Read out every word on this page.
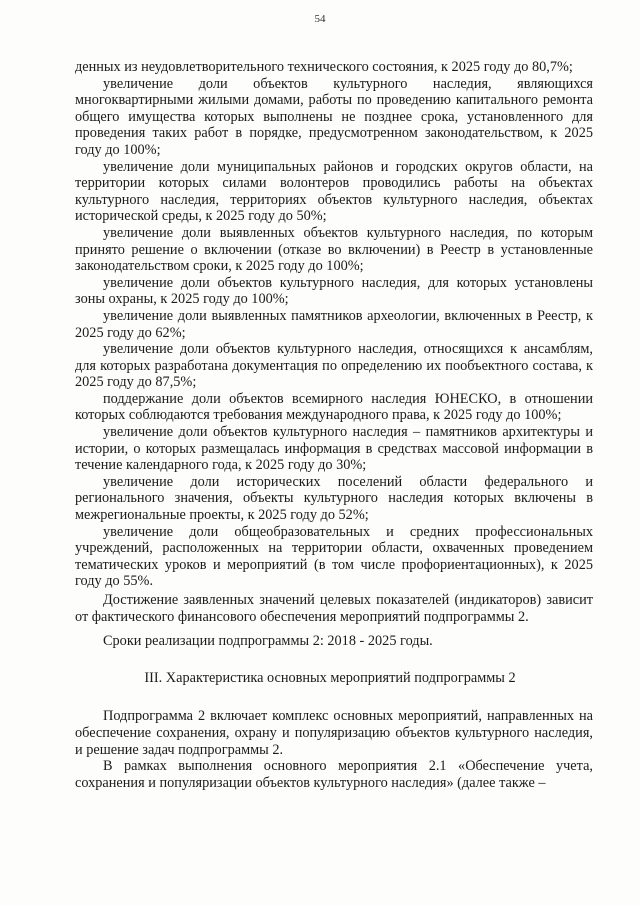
54

денных из неудовлетворительного технического состояния, к 2025 году до 80,7%;

увеличение доли объектов культурного наследия, являющихся многоквартирными жилыми домами, работы по проведению капитального ремонта общего имущества которых выполнены не позднее срока, установленного для проведения таких работ в порядке, предусмотренном законодательством, к 2025 году до 100%;

увеличение доли муниципальных районов и городских округов области, на территории которых силами волонтеров проводились работы на объектах культурного наследия, территориях объектов культурного наследия, объектах исторической среды, к 2025 году до 50%;

увеличение доли выявленных объектов культурного наследия, по которым принято решение о включении (отказе во включении) в Реестр в установленные законодательством сроки, к 2025 году до 100%;

увеличение доли объектов культурного наследия, для которых установлены зоны охраны, к 2025 году до 100%;

увеличение доли выявленных памятников археологии, включенных в Реестр, к 2025 году до 62%;

увеличение доли объектов культурного наследия, относящихся к ансамблям, для которых разработана документация по определению их пообъектного состава, к 2025 году до 87,5%;

поддержание доли объектов всемирного наследия ЮНЕСКО, в отношении которых соблюдаются требования международного права, к 2025 году до 100%;

увеличение доли объектов культурного наследия – памятников архитектуры и истории, о которых размещалась информация в средствах массовой информации в течение календарного года, к 2025 году до 30%;

увеличение доли исторических поселений области федерального и регионального значения, объекты культурного наследия которых включены в межрегиональные проекты, к 2025 году до 52%;

увеличение доли общеобразовательных и средних профессиональных учреждений, расположенных на территории области, охваченных проведением тематических уроков и мероприятий (в том числе профориентационных), к 2025 году до 55%.

Достижение заявленных значений целевых показателей (индикаторов) зависит от фактического финансового обеспечения мероприятий подпрограммы 2.

Сроки реализации подпрограммы 2: 2018 - 2025 годы.

III. Характеристика основных мероприятий подпрограммы 2

Подпрограмма 2 включает комплекс основных мероприятий, направленных на обеспечение сохранения, охрану и популяризацию объектов культурного наследия, и решение задач подпрограммы 2.

В рамках выполнения основного мероприятия 2.1 «Обеспечение учета, сохранения и популяризации объектов культурного наследия» (далее также –
